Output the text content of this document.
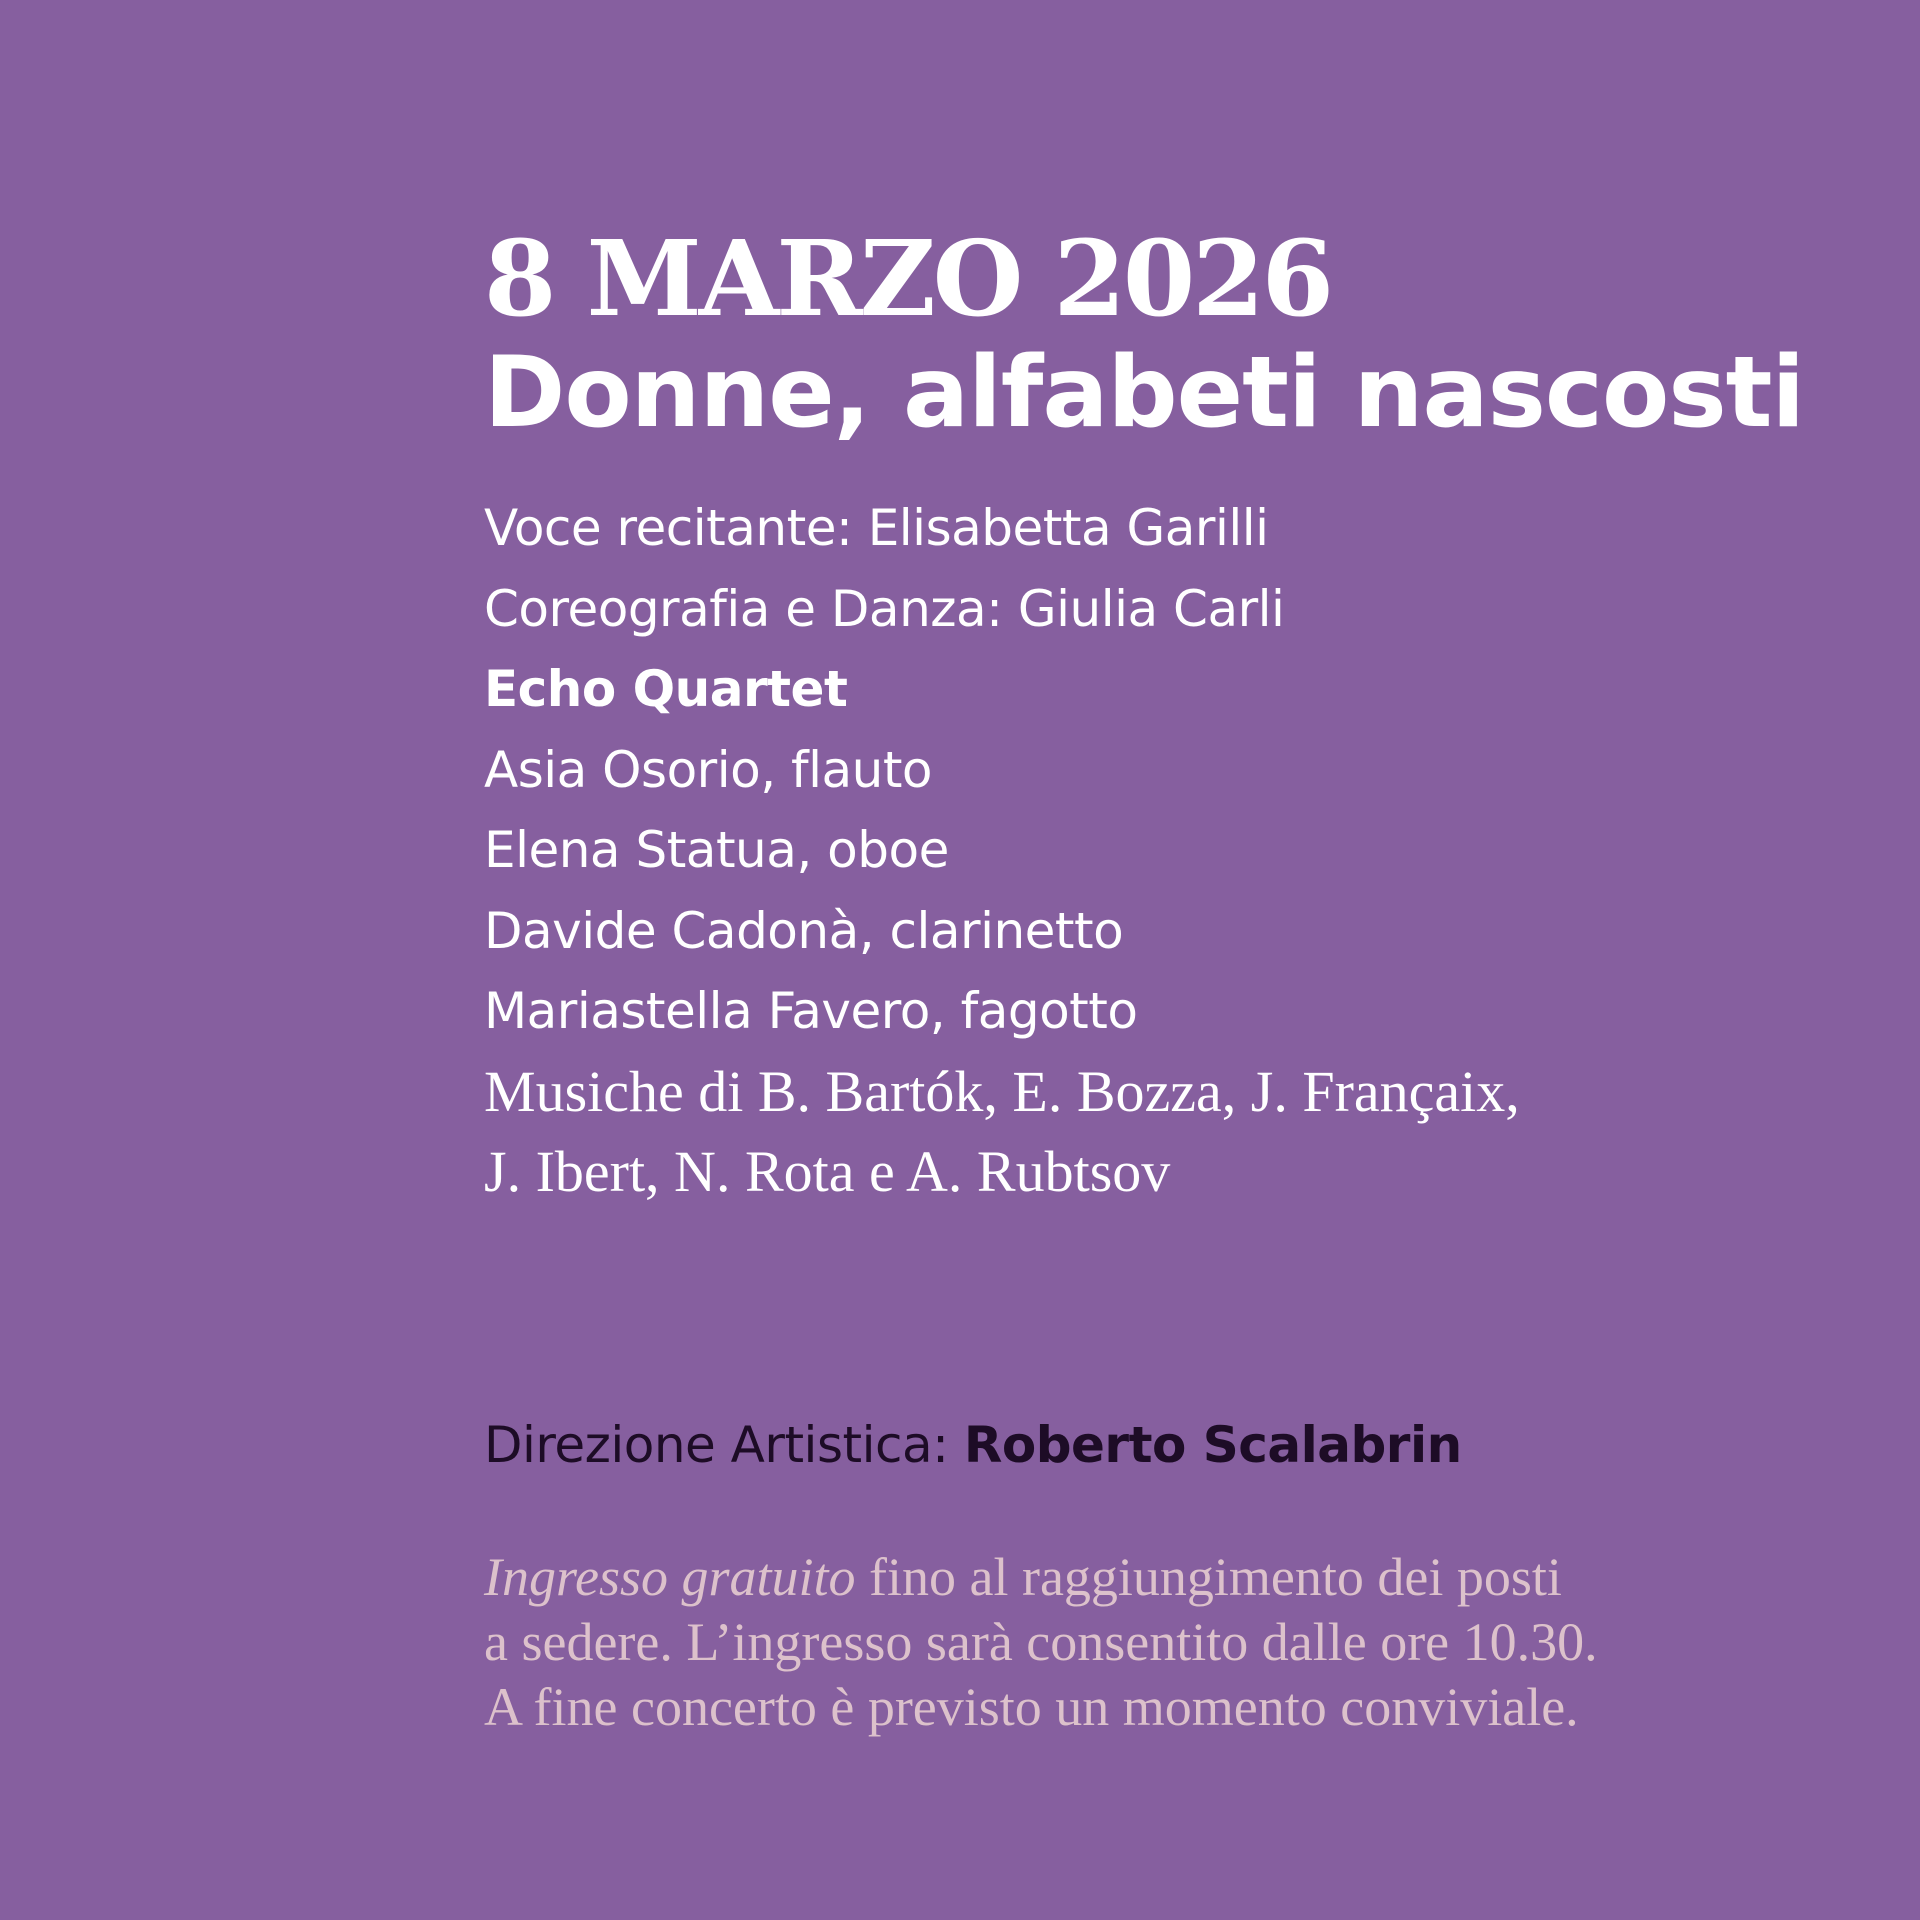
8 MARZO 2026
Donne, alfabeti nascosti
Voce recitante: Elisabetta Garilli
Coreografia e Danza: Giulia Carli
Echo Quartet
Asia Osorio, flauto
Elena Statua, oboe
Davide Cadonà, clarinetto
Mariastella Favero, fagotto
Musiche di B. Bartók, E. Bozza, J. Françaix,
J. Ibert, N. Rota e A. Rubtsov
Direzione Artistica: Roberto Scalabrin
Ingresso gratuito fino al raggiungimento dei posti
a sedere. L’ingresso sarà consentito dalle ore 10.30.
A fine concerto è previsto un momento conviviale.
